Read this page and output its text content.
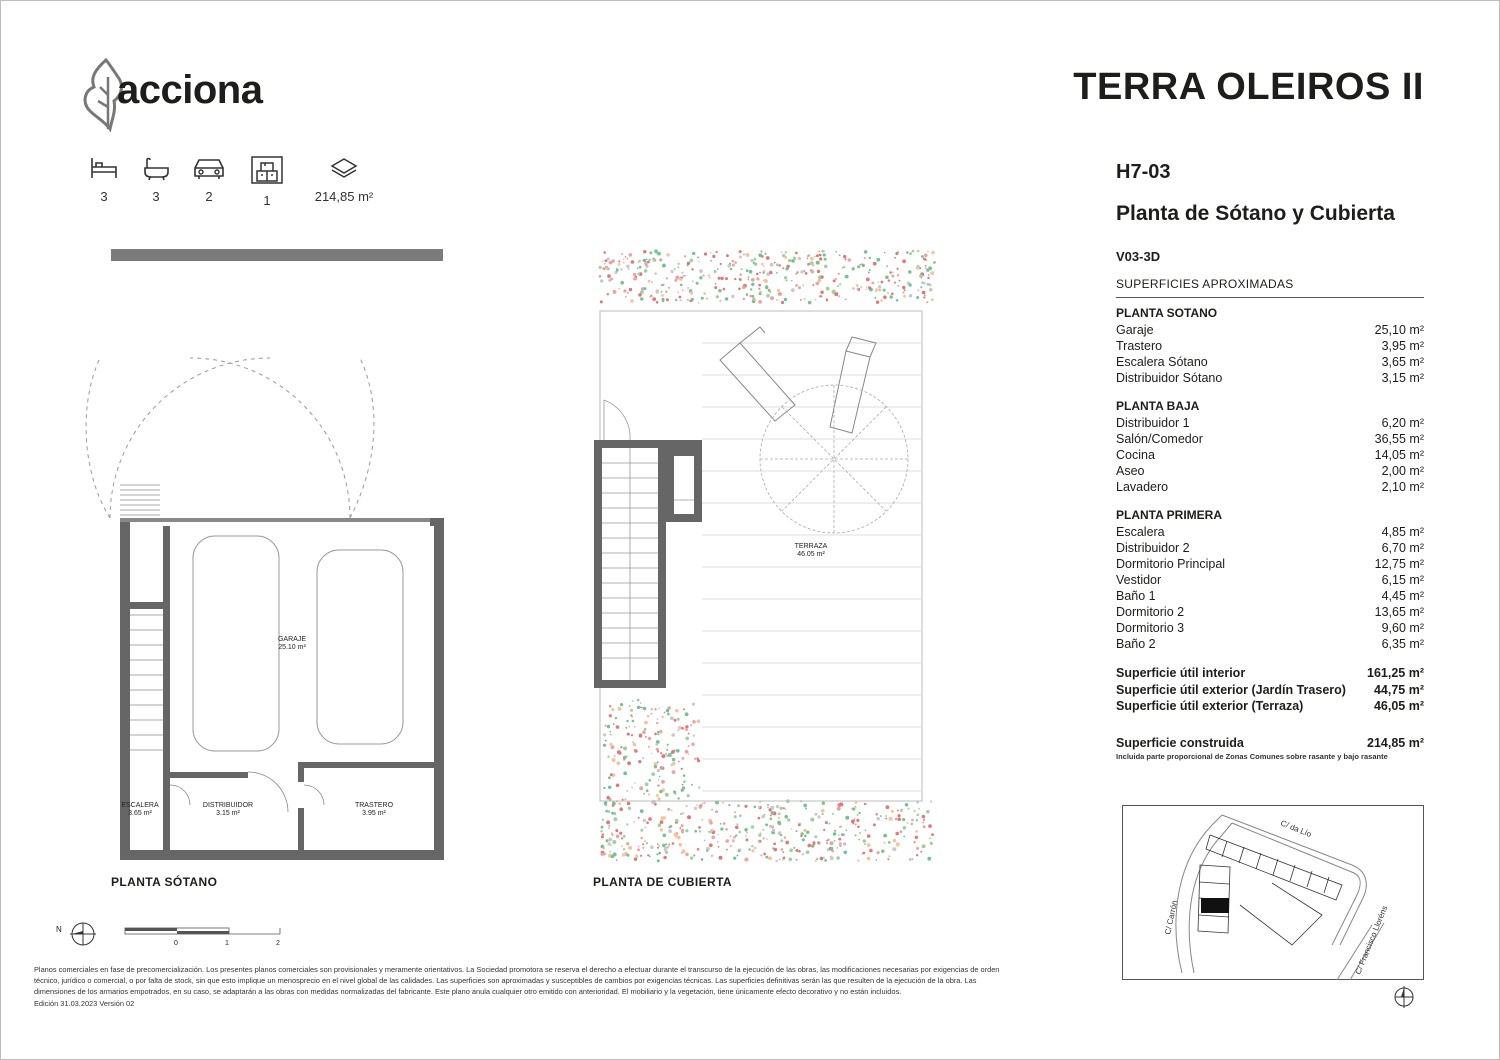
acciona
3	3	2	1	214,85 m²
TERRA OLEIROS II
H7-03
Planta de Sótano y Cubierta
V03-3D
SUPERFICIES APROXIMADAS
PLANTA SOTANO
Garaje	25,10 m²
Trastero	3,95 m²
Escalera Sótano	3,65 m²
Distribuidor Sótano	3,15 m²
PLANTA BAJA
Distribuidor 1	6,20 m²
Salón/Comedor	36,55 m²
Cocina	14,05 m²
Aseo	2,00 m²
Lavadero	2,10 m²
PLANTA PRIMERA
Escalera	4,85 m²
Distribuidor 2	6,70 m²
Dormitorio Principal	12,75 m²
Vestidor	6,15 m²
Baño 1	4,45 m²
Dormitorio 2	13,65 m²
Dormitorio 3	9,60 m²
Baño 2	6,35 m²
Superficie útil interior	161,25 m²
Superficie útil exterior (Jardín Trasero) 44,75 m²
Superficie útil exterior (Terraza)	46,05 m²
Superficie construida	214,85 m²
Incluida parte proporcional de Zonas Comunes sobre rasante y bajo rasante
C/ da Lío
C/ Carrón	C/ Francisco Lloréns
GARAJE
25.10 m²
ESCALERA
3.65 m²
DISTRIBUIDOR
3.15 m²
TRASTERO
3.95 m²
PLANTA SÓTANO
TERRAZA
46.05 m²
PLANTA DE CUBIERTA
N
0	1	2
Planos comerciales en fase de precomercialización. Los presentes planos comerciales son provisionales y meramente orientativos. La Sociedad promotora se reserva el derecho a efectuar durante el transcurso de la ejecución de las obras, las modificaciones necesarias por exigencias de orden técnico, jurídico o comercial, o por falta de stock, sin que esto implique un menosprecio en el nivel global de las calidades. Las superficies son aproximadas y susceptibles de cambios por exigencias técnicas. Las superficies definitivas serán las que resulten de la ejecución de la obra. Las dimensiones de los armarios empotrados, en su caso, se adaptarán a las obras con medidas normalizadas del fabricante. Este plano anula cualquier otro emitido con anterioridad. El mobiliario y la vegetación, tiene únicamente efecto decorativo y no están incluidos.
Edición 31.03.2023 Versión 02
